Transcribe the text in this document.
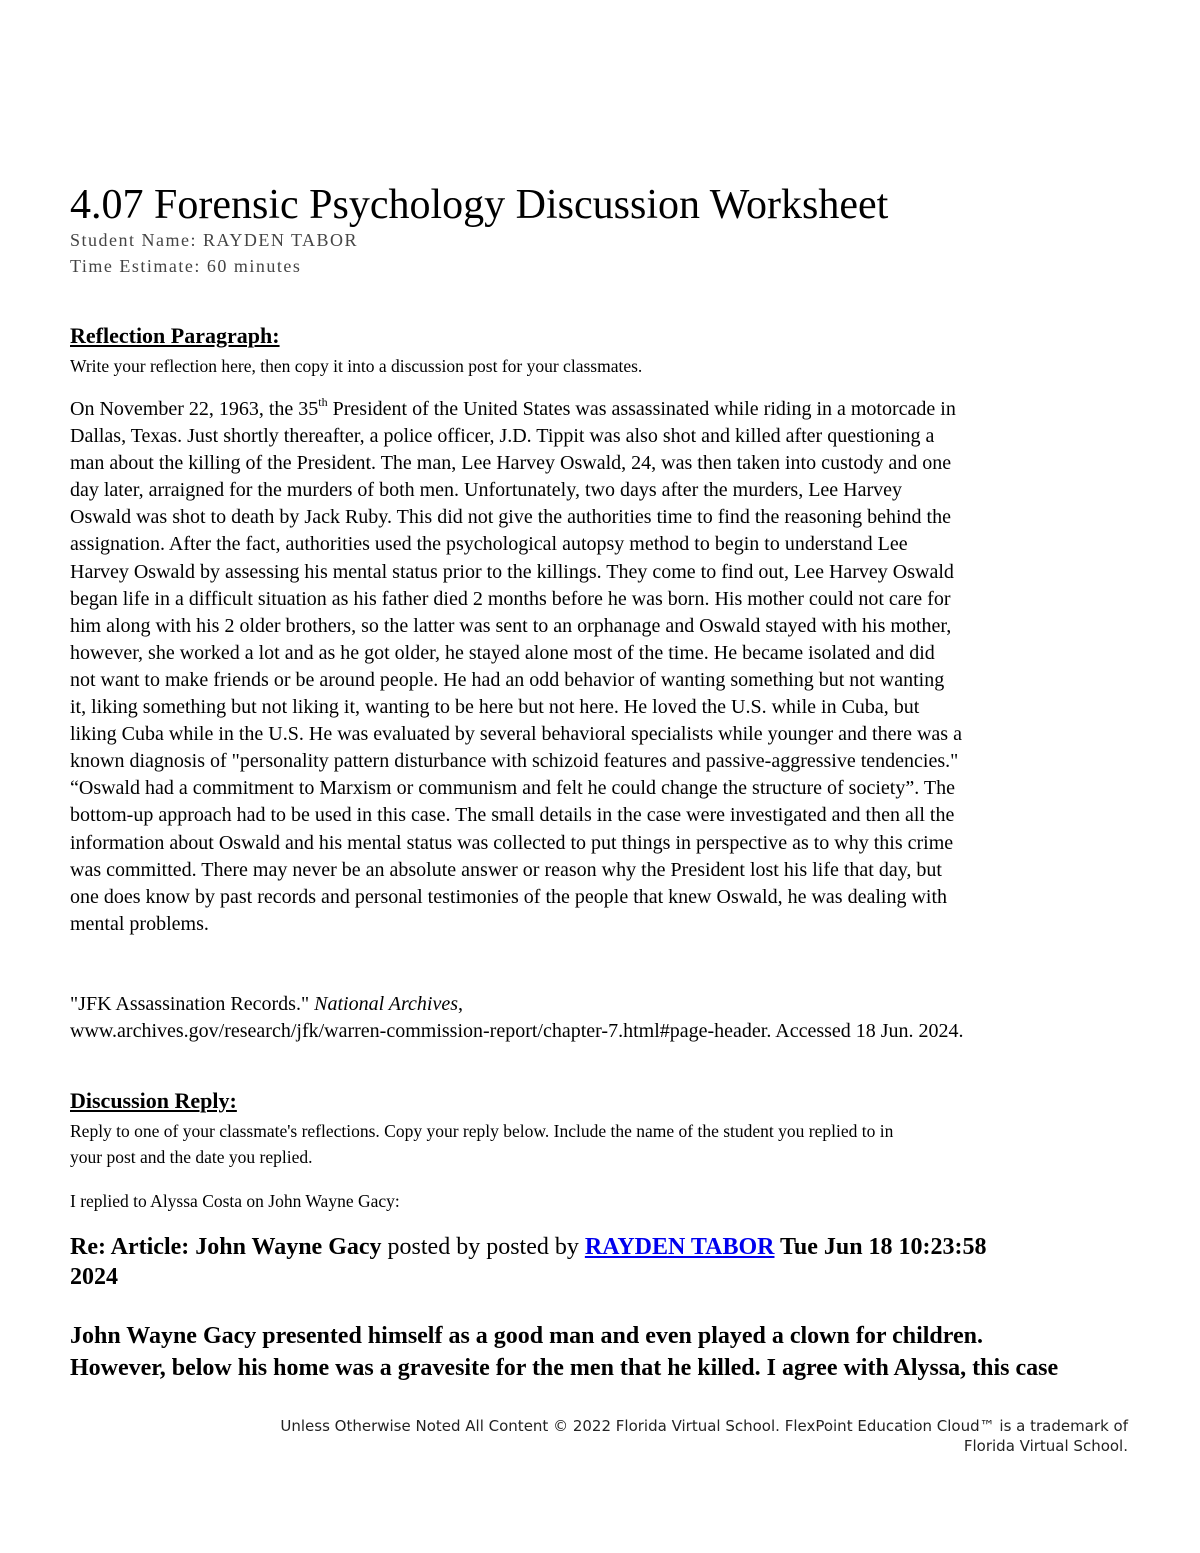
4.07 Forensic Psychology Discussion Worksheet
Student Name: RAYDEN TABOR
Time Estimate: 60 minutes
Reflection Paragraph:
Write your reflection here, then copy it into a discussion post for your classmates.
On November 22, 1963, the 35th President of the United States was assassinated while riding in a motorcade in
Dallas, Texas. Just shortly thereafter, a police officer, J.D. Tippit was also shot and killed after questioning a
man about the killing of the President. The man, Lee Harvey Oswald, 24, was then taken into custody and one
day later, arraigned for the murders of both men. Unfortunately, two days after the murders, Lee Harvey
Oswald was shot to death by Jack Ruby. This did not give the authorities time to find the reasoning behind the
assignation. After the fact, authorities used the psychological autopsy method to begin to understand Lee
Harvey Oswald by assessing his mental status prior to the killings. They come to find out, Lee Harvey Oswald
began life in a difficult situation as his father died 2 months before he was born. His mother could not care for
him along with his 2 older brothers, so the latter was sent to an orphanage and Oswald stayed with his mother,
however, she worked a lot and as he got older, he stayed alone most of the time. He became isolated and did
not want to make friends or be around people. He had an odd behavior of wanting something but not wanting
it, liking something but not liking it, wanting to be here but not here. He loved the U.S. while in Cuba, but
liking Cuba while in the U.S. He was evaluated by several behavioral specialists while younger and there was a
known diagnosis of "personality pattern disturbance with schizoid features and passive-aggressive tendencies."
“Oswald had a commitment to Marxism or communism and felt he could change the structure of society”. The
bottom-up approach had to be used in this case. The small details in the case were investigated and then all the
information about Oswald and his mental status was collected to put things in perspective as to why this crime
was committed. There may never be an absolute answer or reason why the President lost his life that day, but
one does know by past records and personal testimonies of the people that knew Oswald, he was dealing with
mental problems.
"JFK Assassination Records." National Archives,
www.archives.gov/research/jfk/warren-commission-report/chapter-7.html#page-header. Accessed 18 Jun. 2024.
Discussion Reply:
Reply to one of your classmate's reflections. Copy your reply below. Include the name of the student you replied to in
your post and the date you replied.
I replied to Alyssa Costa on John Wayne Gacy:
Re: Article: John Wayne Gacy posted by posted by RAYDEN TABOR Tue Jun 18 10:23:58
2024
John Wayne Gacy presented himself as a good man and even played a clown for children.
However, below his home was a gravesite for the men that he killed. I agree with Alyssa, this case
Unless Otherwise Noted All Content © 2022 Florida Virtual School. FlexPoint Education Cloud™ is a trademark of
Florida Virtual School.
